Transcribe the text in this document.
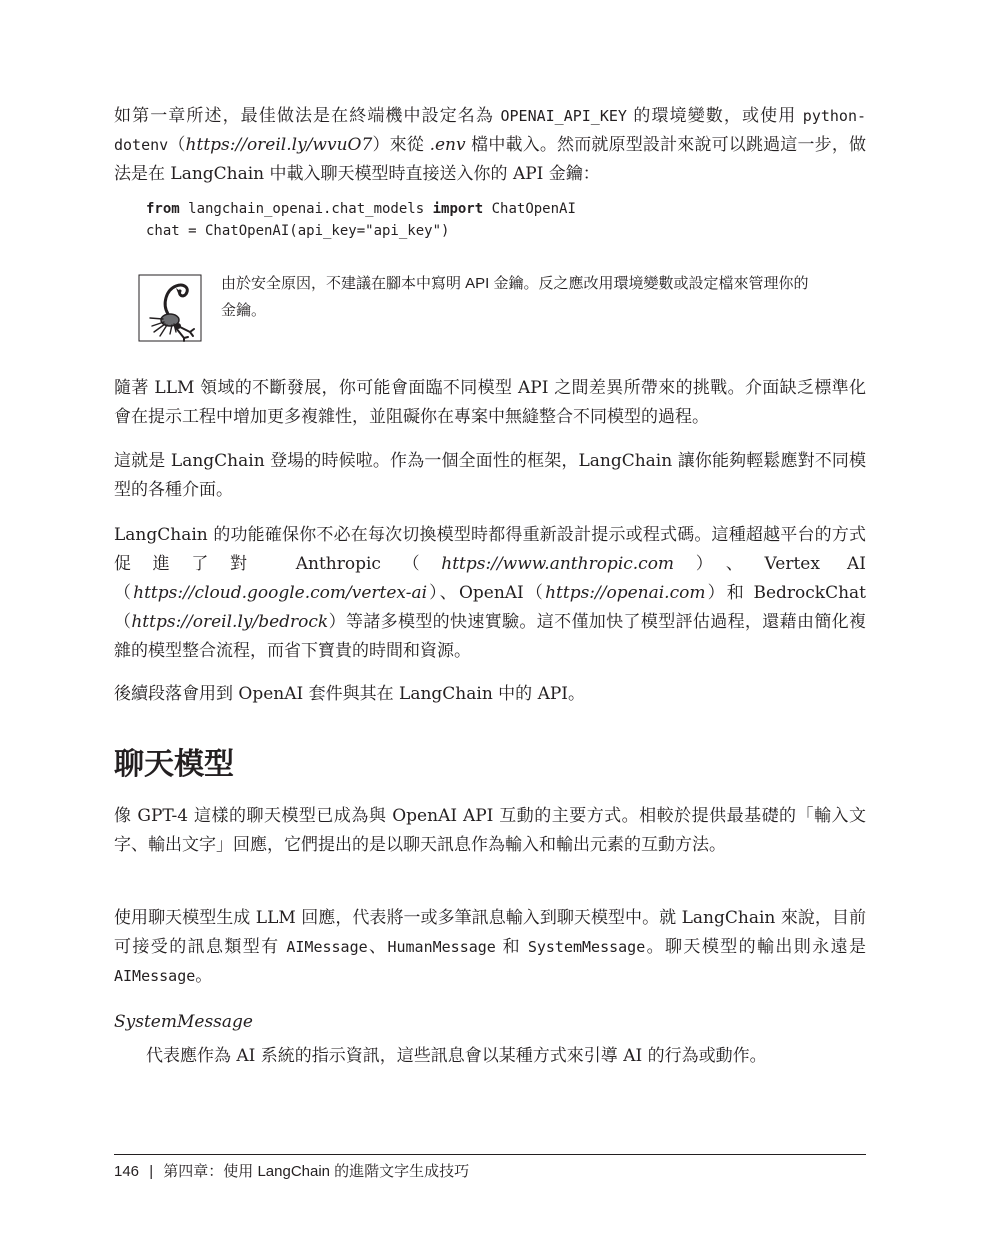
如第一章所述，最佳做法是在終端機中設定名為 OPENAI_API_KEY 的環境變數，或使用 python-dotenv（https://oreil.ly/wvuO7）來從 .env 檔中載入。然而就原型設計來說可以跳過這一步，做法是在 LangChain 中載入聊天模型時直接送入你的 API 金鑰：

from langchain_openai.chat_models import ChatOpenAI
chat = ChatOpenAI(api_key="api_key")

由於安全原因，不建議在腳本中寫明 API 金鑰。反之應改用環境變數或設定檔來管理你的金鑰。

隨著 LLM 領域的不斷發展，你可能會面臨不同模型 API 之間差異所帶來的挑戰。介面缺乏標準化會在提示工程中增加更多複雜性，並阻礙你在專案中無縫整合不同模型的過程。

這就是 LangChain 登場的時候啦。作為一個全面性的框架，LangChain 讓你能夠輕鬆應對不同模型的各種介面。

LangChain 的功能確保你不必在每次切換模型時都得重新設計提示或程式碼。這種超越平台的方式促進了對 Anthropic（https://www.anthropic.com）、Vertex AI（https://cloud.google.com/vertex-ai）、OpenAI（https://openai.com）和 BedrockChat（https://oreil.ly/bedrock）等諸多模型的快速實驗。這不僅加快了模型評估過程，還藉由簡化複雜的模型整合流程，而省下寶貴的時間和資源。

後續段落會用到 OpenAI 套件與其在 LangChain 中的 API。

聊天模型

像 GPT-4 這樣的聊天模型已成為與 OpenAI API 互動的主要方式。相較於提供最基礎的「輸入文字、輸出文字」回應，它們提出的是以聊天訊息作為輸入和輸出元素的互動方法。

使用聊天模型生成 LLM 回應，代表將一或多筆訊息輸入到聊天模型中。就 LangChain 來說，目前可接受的訊息類型有 AIMessage、HumanMessage 和 SystemMessage。聊天模型的輸出則永遠是 AIMessage。

SystemMessage

代表應作為 AI 系統的指示資訊，這些訊息會以某種方式來引導 AI 的行為或動作。

146 | 第四章：使用 LangChain 的進階文字生成技巧
